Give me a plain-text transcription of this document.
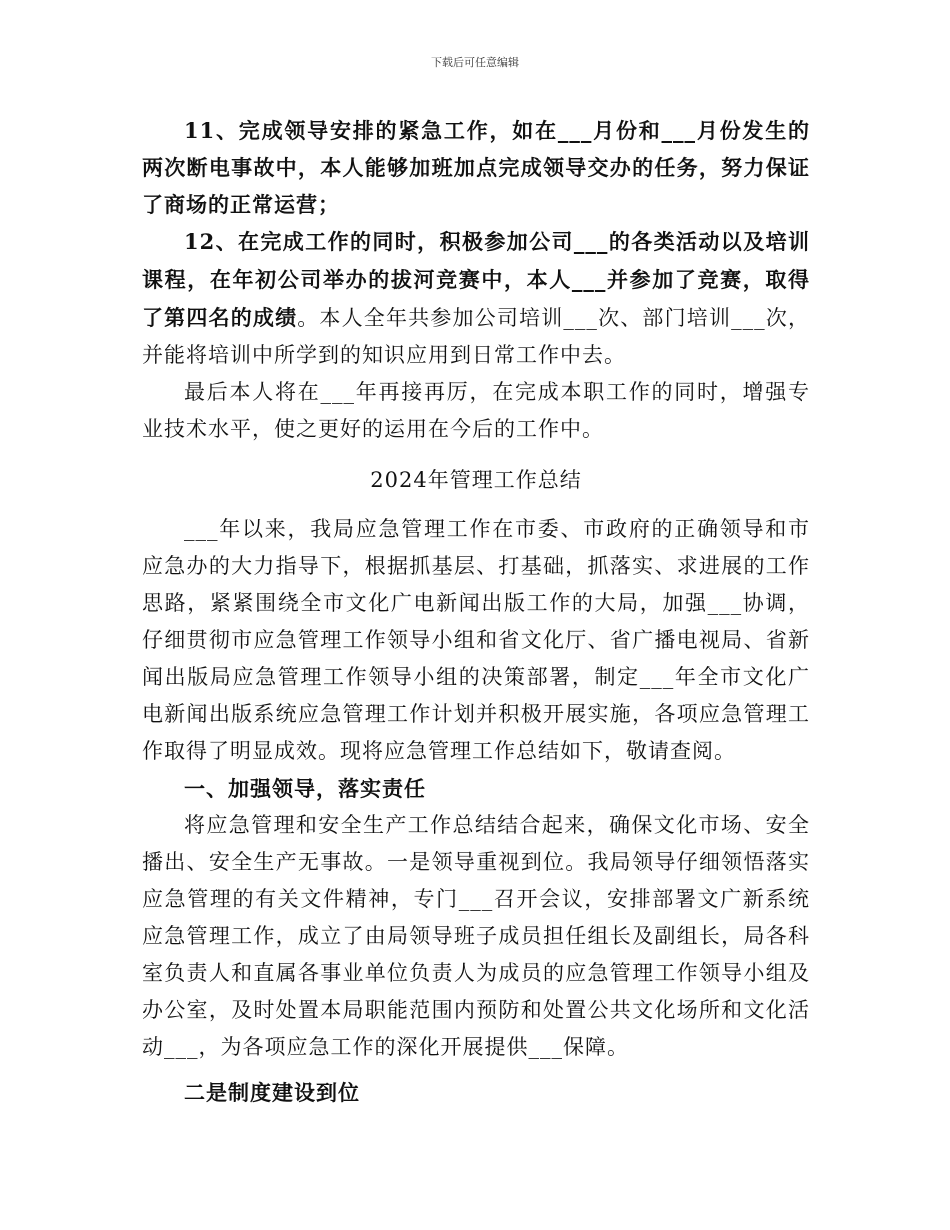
下载后可任意编辑

11、完成领导安排的紧急工作，如在___月份和___月份发生的两次断电事故中，本人能够加班加点完成领导交办的任务，努力保证了商场的正常运营；

12、在完成工作的同时，积极参加公司___的各类活动以及培训课程，在年初公司举办的拔河竞赛中，本人___并参加了竞赛，取得了第四名的成绩。本人全年共参加公司培训___次、部门培训___次，并能将培训中所学到的知识应用到日常工作中去。

最后本人将在___年再接再厉，在完成本职工作的同时，增强专业技术水平，使之更好的运用在今后的工作中。

2024年管理工作总结

___年以来，我局应急管理工作在市委、市政府的正确领导和市应急办的大力指导下，根据抓基层、打基础，抓落实、求进展的工作思路，紧紧围绕全市文化广电新闻出版工作的大局，加强___协调，仔细贯彻市应急管理工作领导小组和省文化厅、省广播电视局、省新闻出版局应急管理工作领导小组的决策部署，制定___年全市文化广电新闻出版系统应急管理工作计划并积极开展实施，各项应急管理工作取得了明显成效。现将应急管理工作总结如下，敬请查阅。

一、加强领导，落实责任

将应急管理和安全生产工作总结结合起来，确保文化市场、安全播出、安全生产无事故。一是领导重视到位。我局领导仔细领悟落实应急管理的有关文件精神，专门___召开会议，安排部署文广新系统应急管理工作，成立了由局领导班子成员担任组长及副组长，局各科室负责人和直属各事业单位负责人为成员的应急管理工作领导小组及办公室，及时处置本局职能范围内预防和处置公共文化场所和文化活动___，为各项应急工作的深化开展提供___保障。

二是制度建设到位
